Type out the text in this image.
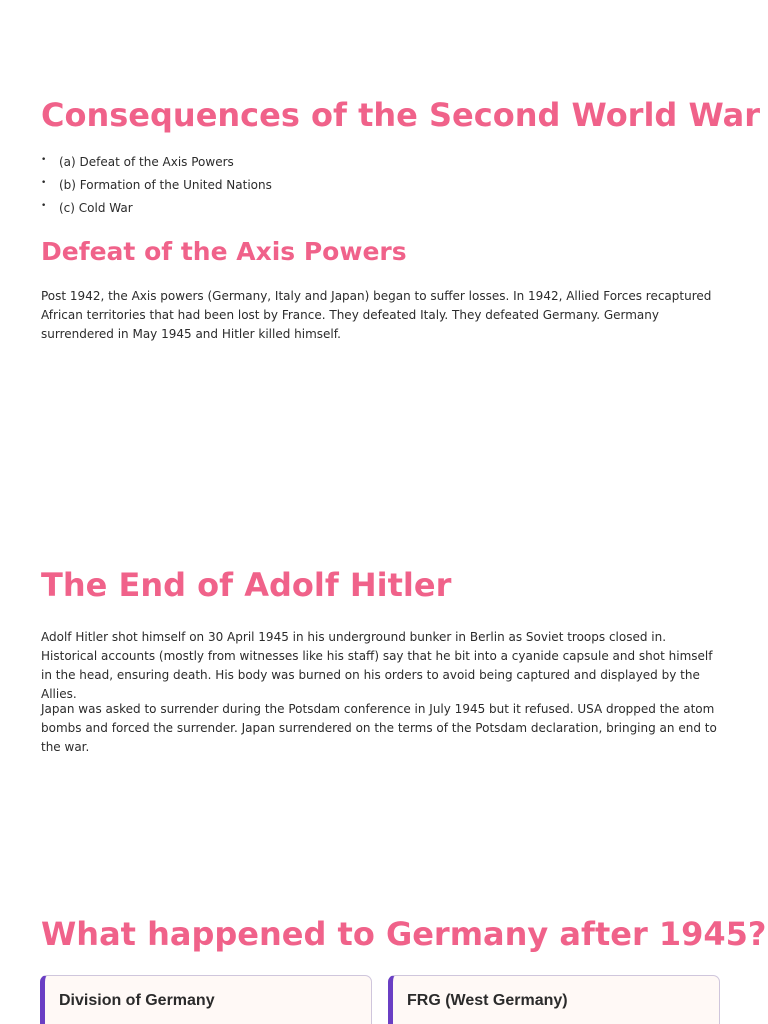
Consequences of the Second World War
• (a) Defeat of the Axis Powers
• (b) Formation of the United Nations
• (c) Cold War
Defeat of the Axis Powers

Post 1942, the Axis powers (Germany, Italy and Japan) began to suffer losses. In 1942, Allied Forces recaptured African territories that had been lost by France. They defeated Italy. They defeated Germany. Germany surrendered in May 1945 and Hitler killed himself.

The End of Adolf Hitler

Adolf Hitler shot himself on 30 April 1945 in his underground bunker in Berlin as Soviet troops closed in. Historical accounts (mostly from witnesses like his staff) say that he bit into a cyanide capsule and shot himself in the head, ensuring death. His body was burned on his orders to avoid being captured and displayed by the Allies.

Japan was asked to surrender during the Potsdam conference in July 1945 but it refused. USA dropped the atom bombs and forced the surrender. Japan surrendered on the terms of the Potsdam declaration, bringing an end to the war.

What happened to Germany after 1945?
Division of Germany	FRG (West Germany)
